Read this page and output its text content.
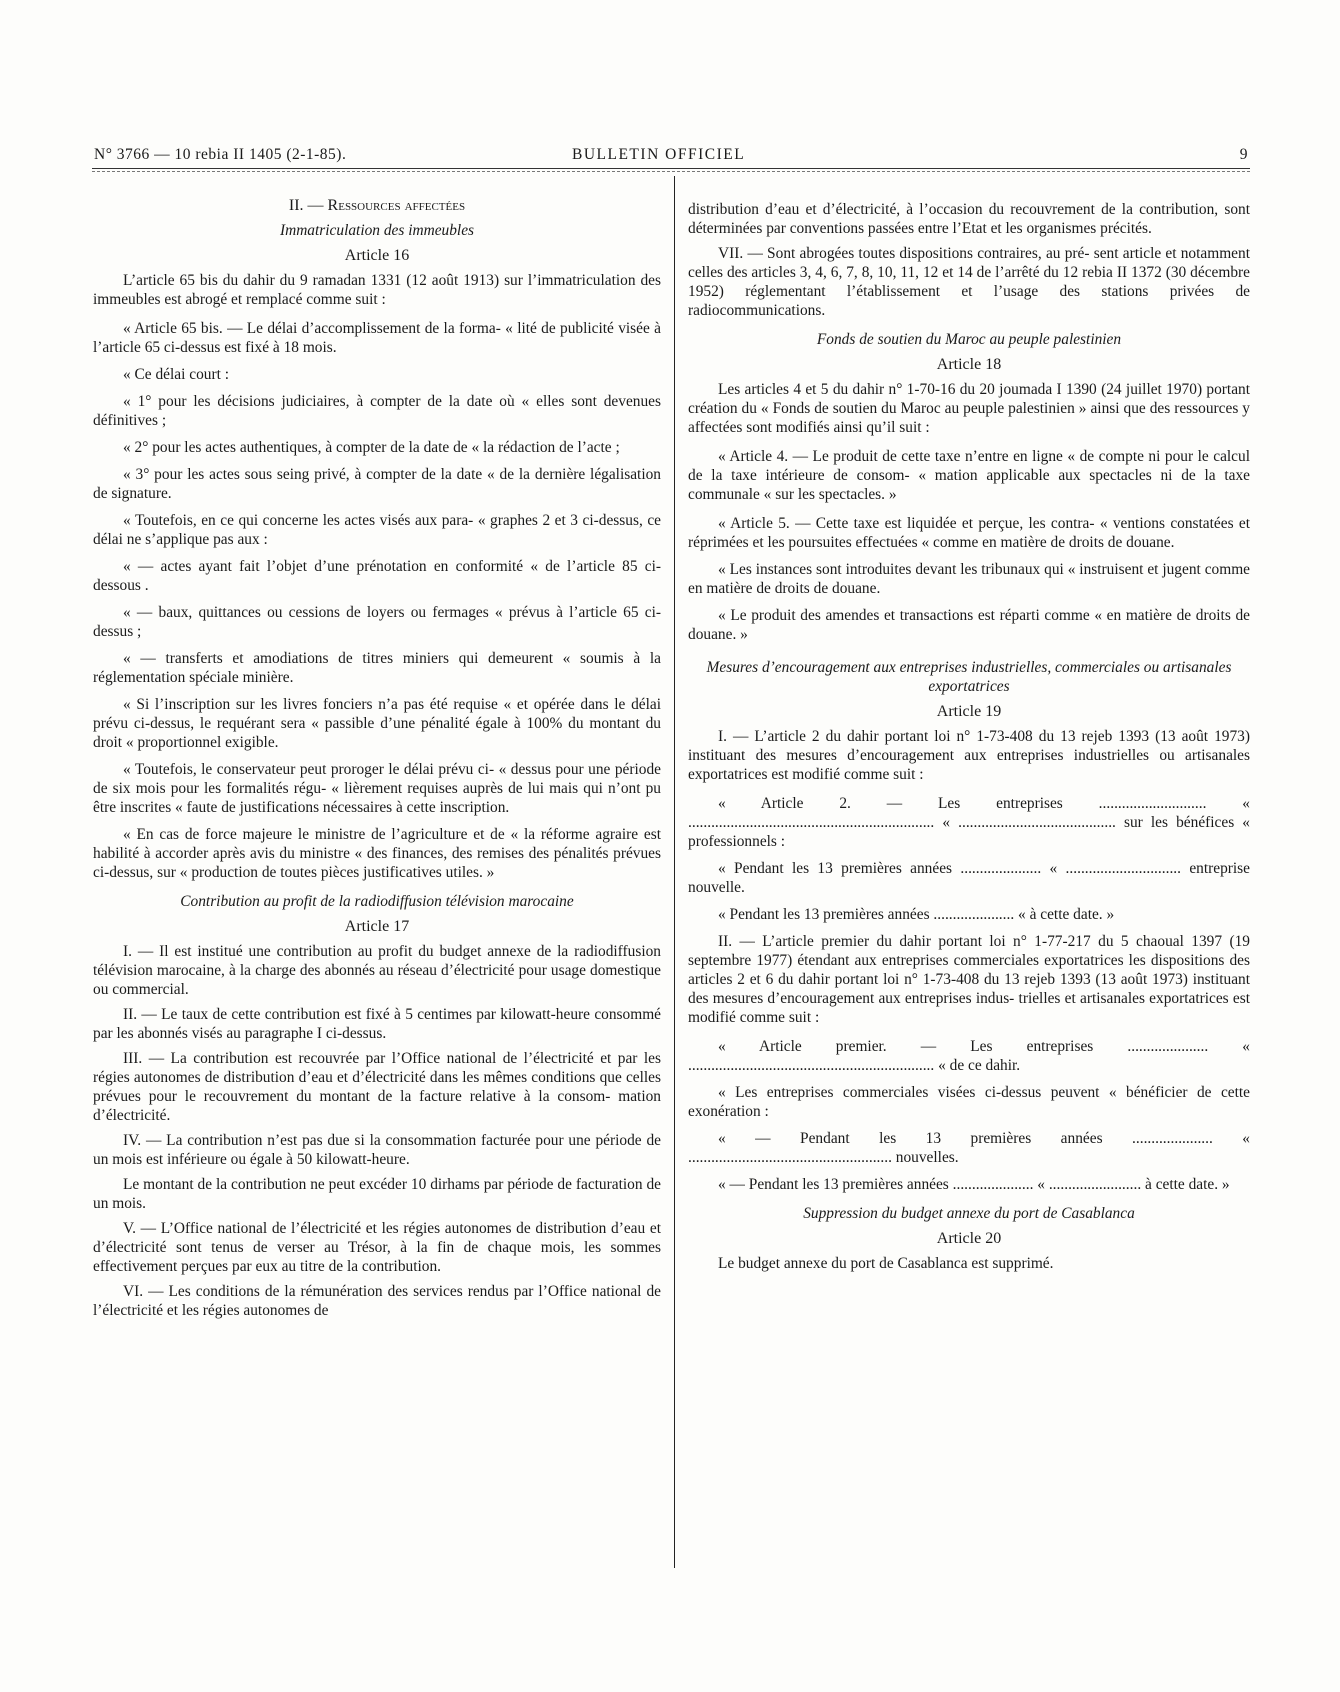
N° 3766 — 10 rebia II 1405 (2-1-85).	BULLETIN OFFICIEL	9

II. — Ressources affectées

Immatriculation des immeubles

Article 16

L’article 65 bis du dahir du 9 ramadan 1331 (12 août 1913) sur l’immatriculation des immeubles est abrogé et remplacé comme suit :

« Article 65 bis. — Le délai d’accomplissement de la forma- « lité de publicité visée à l’article 65 ci-dessus est fixé à 18 mois.

« Ce délai court :

« 1° pour les décisions judiciaires, à compter de la date où « elles sont devenues définitives ;

« 2° pour les actes authentiques, à compter de la date de « la rédaction de l’acte ;

« 3° pour les actes sous seing privé, à compter de la date « de la dernière légalisation de signature.

« Toutefois, en ce qui concerne les actes visés aux para- « graphes 2 et 3 ci-dessus, ce délai ne s’applique pas aux :

« — actes ayant fait l’objet d’une prénotation en conformité « de l’article 85 ci-dessous .

« — baux, quittances ou cessions de loyers ou fermages « prévus à l’article 65 ci-dessus ;

« — transferts et amodiations de titres miniers qui demeurent « soumis à la réglementation spéciale minière.

« Si l’inscription sur les livres fonciers n’a pas été requise « et opérée dans le délai prévu ci-dessus, le requérant sera « passible d’une pénalité égale à 100% du montant du droit « proportionnel exigible.

« Toutefois, le conservateur peut proroger le délai prévu ci- « dessus pour une période de six mois pour les formalités régu- « lièrement requises auprès de lui mais qui n’ont pu être inscrites « faute de justifications nécessaires à cette inscription.

« En cas de force majeure le ministre de l’agriculture et de « la réforme agraire est habilité à accorder après avis du ministre « des finances, des remises des pénalités prévues ci-dessus, sur « production de toutes pièces justificatives utiles. »

Contribution au profit de la radiodiffusion télévision marocaine

Article 17

I. — Il est institué une contribution au profit du budget annexe de la radiodiffusion télévision marocaine, à la charge des abonnés au réseau d’électricité pour usage domestique ou commercial.

II. — Le taux de cette contribution est fixé à 5 centimes par kilowatt-heure consommé par les abonnés visés au paragraphe I ci-dessus.

III. — La contribution est recouvrée par l’Office national de l’électricité et par les régies autonomes de distribution d’eau et d’électricité dans les mêmes conditions que celles prévues pour le recouvrement du montant de la facture relative à la consom- mation d’électricité.

IV. — La contribution n’est pas due si la consommation facturée pour une période de un mois est inférieure ou égale à 50 kilowatt-heure.

Le montant de la contribution ne peut excéder 10 dirhams par période de facturation de un mois.

V. — L’Office national de l’électricité et les régies autonomes de distribution d’eau et d’électricité sont tenus de verser au Trésor, à la fin de chaque mois, les sommes effectivement perçues par eux au titre de la contribution.

VI. — Les conditions de la rémunération des services rendus par l’Office national de l’électricité et les régies autonomes de

distribution d’eau et d’électricité, à l’occasion du recouvrement de la contribution, sont déterminées par conventions passées entre l’Etat et les organismes précités.

VII. — Sont abrogées toutes dispositions contraires, au pré- sent article et notamment celles des articles 3, 4, 6, 7, 8, 10, 11, 12 et 14 de l’arrêté du 12 rebia II 1372 (30 décembre 1952) réglementant l’établissement et l’usage des stations privées de radiocommunications.

Fonds de soutien du Maroc au peuple palestinien

Article 18

Les articles 4 et 5 du dahir n° 1-70-16 du 20 joumada I 1390 (24 juillet 1970) portant création du « Fonds de soutien du Maroc au peuple palestinien » ainsi que des ressources y affectées sont modifiés ainsi qu’il suit :

« Article 4. — Le produit de cette taxe n’entre en ligne « de compte ni pour le calcul de la taxe intérieure de consom- « mation applicable aux spectacles ni de la taxe communale « sur les spectacles. »

« Article 5. — Cette taxe est liquidée et perçue, les contra- « ventions constatées et réprimées et les poursuites effectuées « comme en matière de droits de douane.

« Les instances sont introduites devant les tribunaux qui « instruisent et jugent comme en matière de droits de douane.

« Le produit des amendes et transactions est réparti comme « en matière de droits de douane. »

Mesures d’encouragement aux entreprises industrielles, commerciales ou artisanales exportatrices

Article 19

I. — L’article 2 du dahir portant loi n° 1-73-408 du 13 rejeb 1393 (13 août 1973) instituant des mesures d’encouragement aux entreprises industrielles ou artisanales exportatrices est modifié comme suit :

« Article 2. — Les entreprises ............................ « ................................................................ « ......................................... sur les bénéfices « professionnels :

« Pendant les 13 premières années ..................... « .............................. entreprise nouvelle.

« Pendant les 13 premières années ..................... « à cette date. »

II. — L’article premier du dahir portant loi n° 1-77-217 du 5 chaoual 1397 (19 septembre 1977) étendant aux entreprises commerciales exportatrices les dispositions des articles 2 et 6 du dahir portant loi n° 1-73-408 du 13 rejeb 1393 (13 août 1973) instituant des mesures d’encouragement aux entreprises indus- trielles et artisanales exportatrices est modifié comme suit :

« Article premier. — Les entreprises ..................... « ................................................................ « de ce dahir.

« Les entreprises commerciales visées ci-dessus peuvent « bénéficier de cette exonération :

« — Pendant les 13 premières années ..................... « ..................................................... nouvelles.

« — Pendant les 13 premières années ..................... « ........................ à cette date. »

Suppression du budget annexe du port de Casablanca

Article 20

Le budget annexe du port de Casablanca est supprimé.
